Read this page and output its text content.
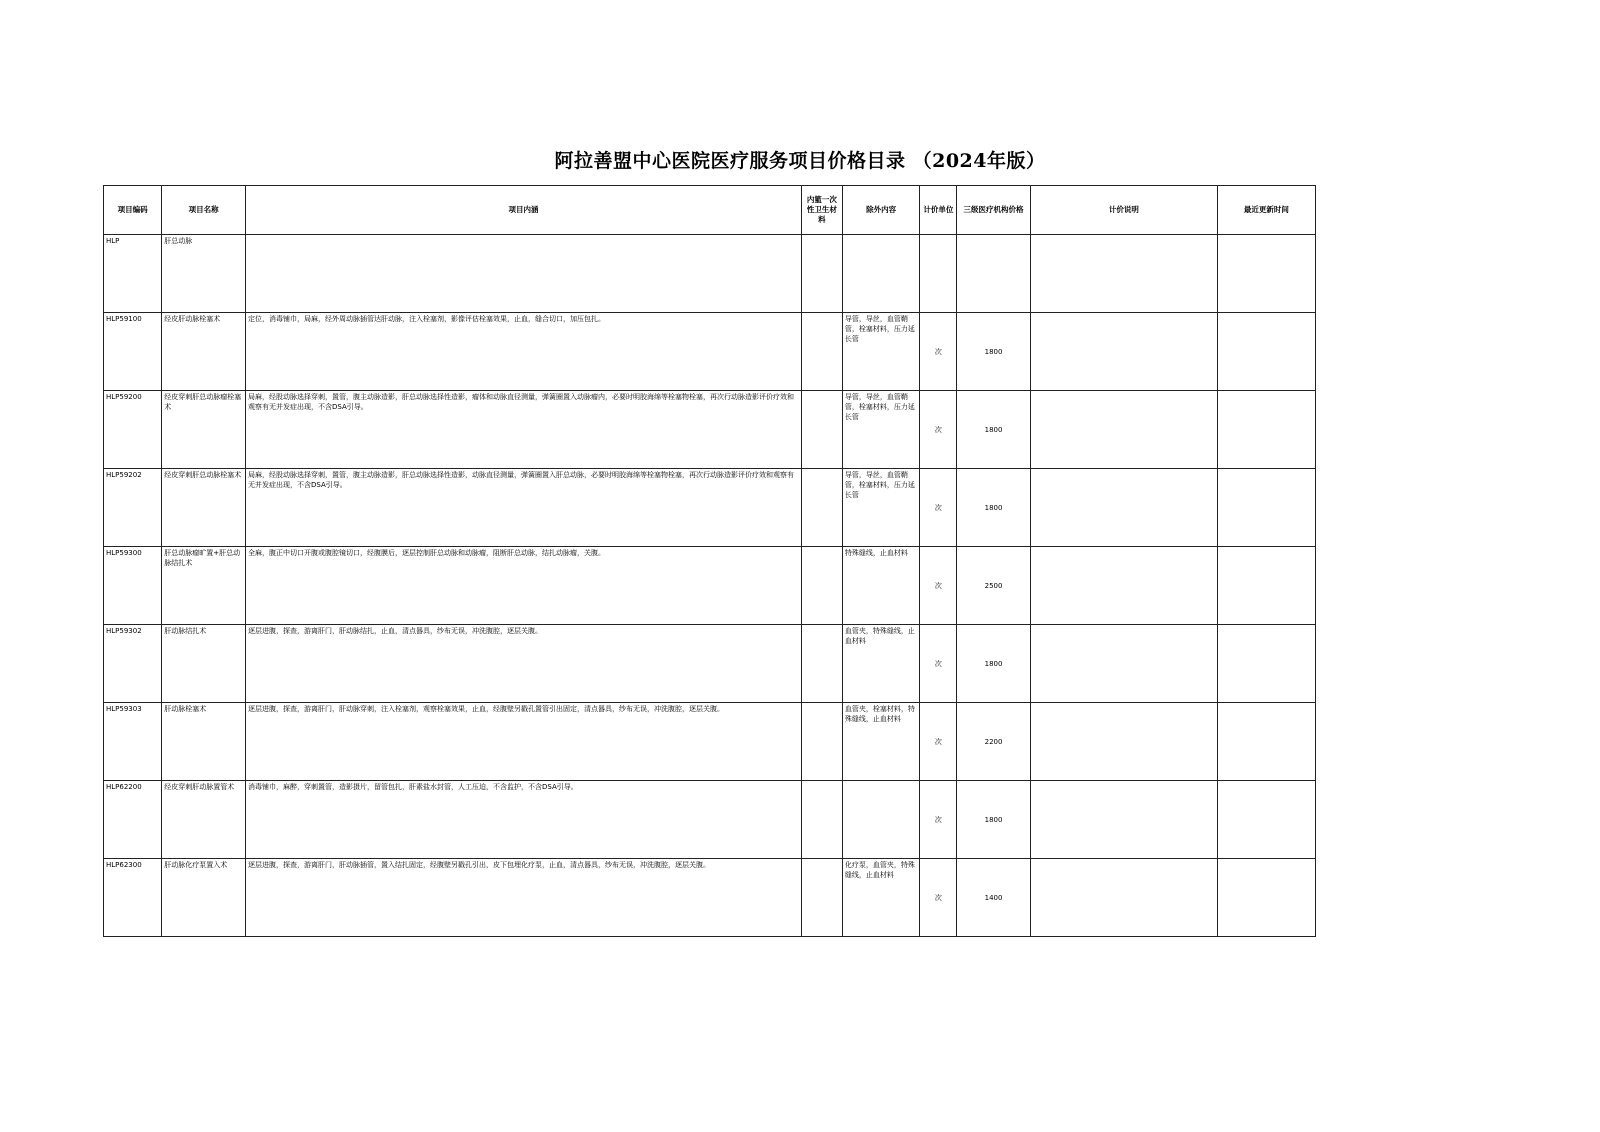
阿拉善盟中心医院医疗服务项目价格目录 （2024年版）
项目编码	项目名称	项目内涵	内籃一次性卫生材料	除外内容	计价单位	三级医疗机构价格	计价说明	最近更新时间
HLP	肝总动脉							
HLP59100	经皮肝动脉栓塞术	定位，消毒铺巾，局麻，经外周动脉插管达肝动脉，注入栓塞剂，影像评估栓塞效果，止血，缝合切口，加压包扎。		导管，导丝，血管鞘管，栓塞材料，压力延长管	次	1800		
HLP59200	经皮穿刺肝总动脉瘤栓塞术	局麻，经股动脉选择穿刺，置管，腹主动脉造影，肝总动脉选择性造影，瘤体和动脉直径测量，弹簧圈置入动脉瘤内，必要时明胶海绵等栓塞物栓塞，再次行动脉造影评价疗效和观察有无并发症出现，不含DSA引导。		导管，导丝，血管鞘管，栓塞材料，压力延长管	次	1800		
HLP59202	经皮穿刺肝总动脉栓塞术	局麻，经股动脉选择穿刺，置管，腹主动脉造影，肝总动脉选择性造影，动脉直径测量，弹簧圈置入肝总动脉，必要时明胶海绵等栓塞物栓塞，再次行动脉造影评价疗效和观察有无并发症出现，不含DSA引导。		导管，导丝，血管鞘管，栓塞材料，压力延长管	次	1800		
HLP59300	肝总动脉瘤旷置+肝总动脉结扎术	全麻，腹正中切口开腹或腹腔镜切口，经腹膜后，逐层控制肝总动脉和动脉瘤，阻断肝总动脉，结扎动脉瘤，关腹。		特殊缝线，止血材料	次	2500		
HLP59302	肝动脉结扎术	逐层进腹，探查，游离肝门，肝动脉结扎，止血，清点器具，纱布无误，冲洗腹腔，逐层关腹。		血管夹，特殊缝线，止血材料	次	1800		
HLP59303	肝动脉栓塞术	逐层进腹，探查，游离肝门，肝动脉穿刺，注入栓塞剂，观察栓塞效果，止血，经腹壁另戳孔置管引出固定，清点器具，纱布无误，冲洗腹腔，逐层关腹。		血管夹，栓塞材料，特殊缝线，止血材料	次	2200		
HLP62200	经皮穿刺肝动脉置管术	消毒铺巾，麻醉，穿刺置管，造影摄片，留管包扎，肝素盐水封管，人工压迫，不含监护，不含DSA引导。			次	1800		
HLP62300	肝动脉化疗泵置入术	逐层进腹，探查，游离肝门，肝动脉插管，置入结扎固定，经腹壁另戳孔引出，皮下包埋化疗泵，止血，清点器具，纱布无误，冲洗腹腔，逐层关腹。		化疗泵，血管夹，特殊缝线，止血材料	次	1400		
